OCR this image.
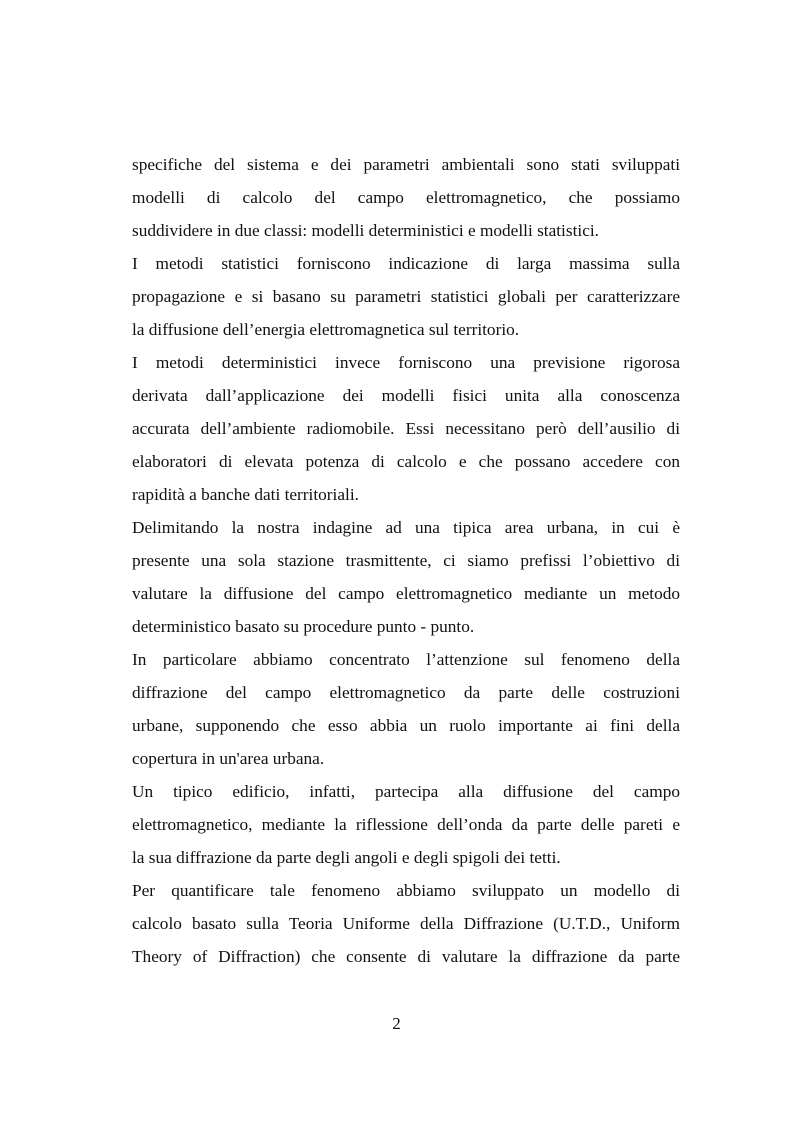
specifiche del sistema e dei parametri ambientali sono stati sviluppati
modelli di calcolo del campo elettromagnetico, che possiamo
suddividere in due classi: modelli deterministici e modelli statistici.
I metodi statistici forniscono indicazione di larga massima sulla
propagazione e si basano su parametri statistici globali per caratterizzare
la diffusione dell’energia elettromagnetica sul territorio.
I metodi deterministici invece forniscono una previsione rigorosa
derivata dall’applicazione dei modelli fisici unita alla conoscenza
accurata dell’ambiente radiomobile. Essi necessitano però dell’ausilio di
elaboratori di elevata potenza di calcolo e che possano accedere con
rapidità a banche dati territoriali.
Delimitando la nostra indagine ad una tipica area urbana, in cui è
presente una sola stazione trasmittente, ci siamo prefissi l’obiettivo di
valutare la diffusione del campo elettromagnetico mediante un metodo
deterministico basato su procedure punto - punto.
In particolare abbiamo concentrato l’attenzione sul fenomeno della
diffrazione del campo elettromagnetico da parte delle costruzioni
urbane, supponendo che esso abbia un ruolo importante ai fini della
copertura in un'area urbana.
Un tipico edificio, infatti, partecipa alla diffusione del campo
elettromagnetico, mediante la riflessione dell’onda da parte delle pareti e
la sua diffrazione da parte degli angoli e degli spigoli dei tetti.
Per quantificare tale fenomeno abbiamo sviluppato un modello di
calcolo basato sulla Teoria Uniforme della Diffrazione (U.T.D., Uniform
Theory of Diffraction) che consente di valutare la diffrazione da parte
2
